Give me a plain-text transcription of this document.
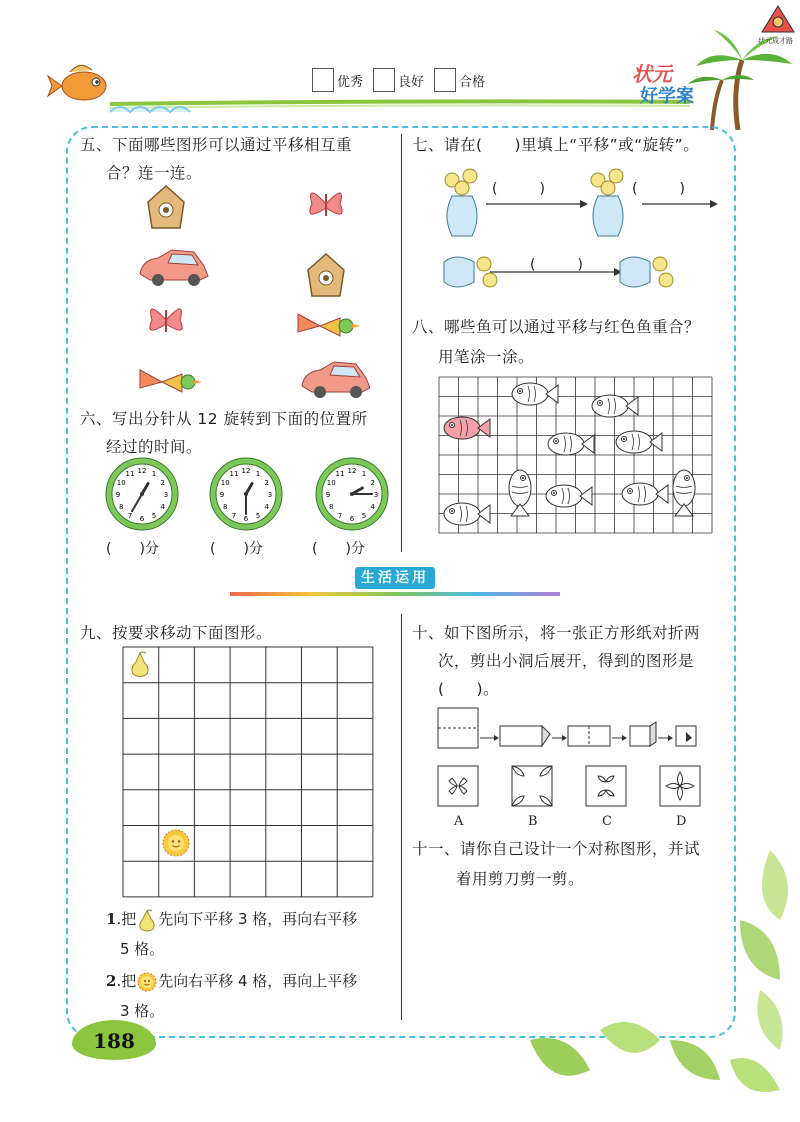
状元成才路
状元
好学案
优秀	良好	合格
五、下面哪些图形可以通过平移相互重
合？连一连。
六、写出分针从 12 旋转到下面的位置所
经过的时间。
12 1
2
3
4
5
6
7
8
9
10
11	12 1
2
3
4
5
6
7
8
9
10
11	12 1
2
3
4
5
6
7
8
9
10
11
(　　)分	(　　)分	(　　)分
七、请在(　　)里填上“平移”或“旋转”。
(　　　)	(　　　)
(　　　)
八、哪些鱼可以通过平移与红色鱼重合？
用笔涂一涂。
生活运用
九、按要求移动下面图形。
1.把 先向下平移 3 格，再向右平移
5 格。
2.把 先向右平移 4 格，再向上平移
3 格。
十、如下图所示，将一张正方形纸对折两
次，剪出小洞后展开，得到的图形是
(　　)。
A	B	C	D
十一、请你自己设计一个对称图形，并试
着用剪刀剪一剪。
188
